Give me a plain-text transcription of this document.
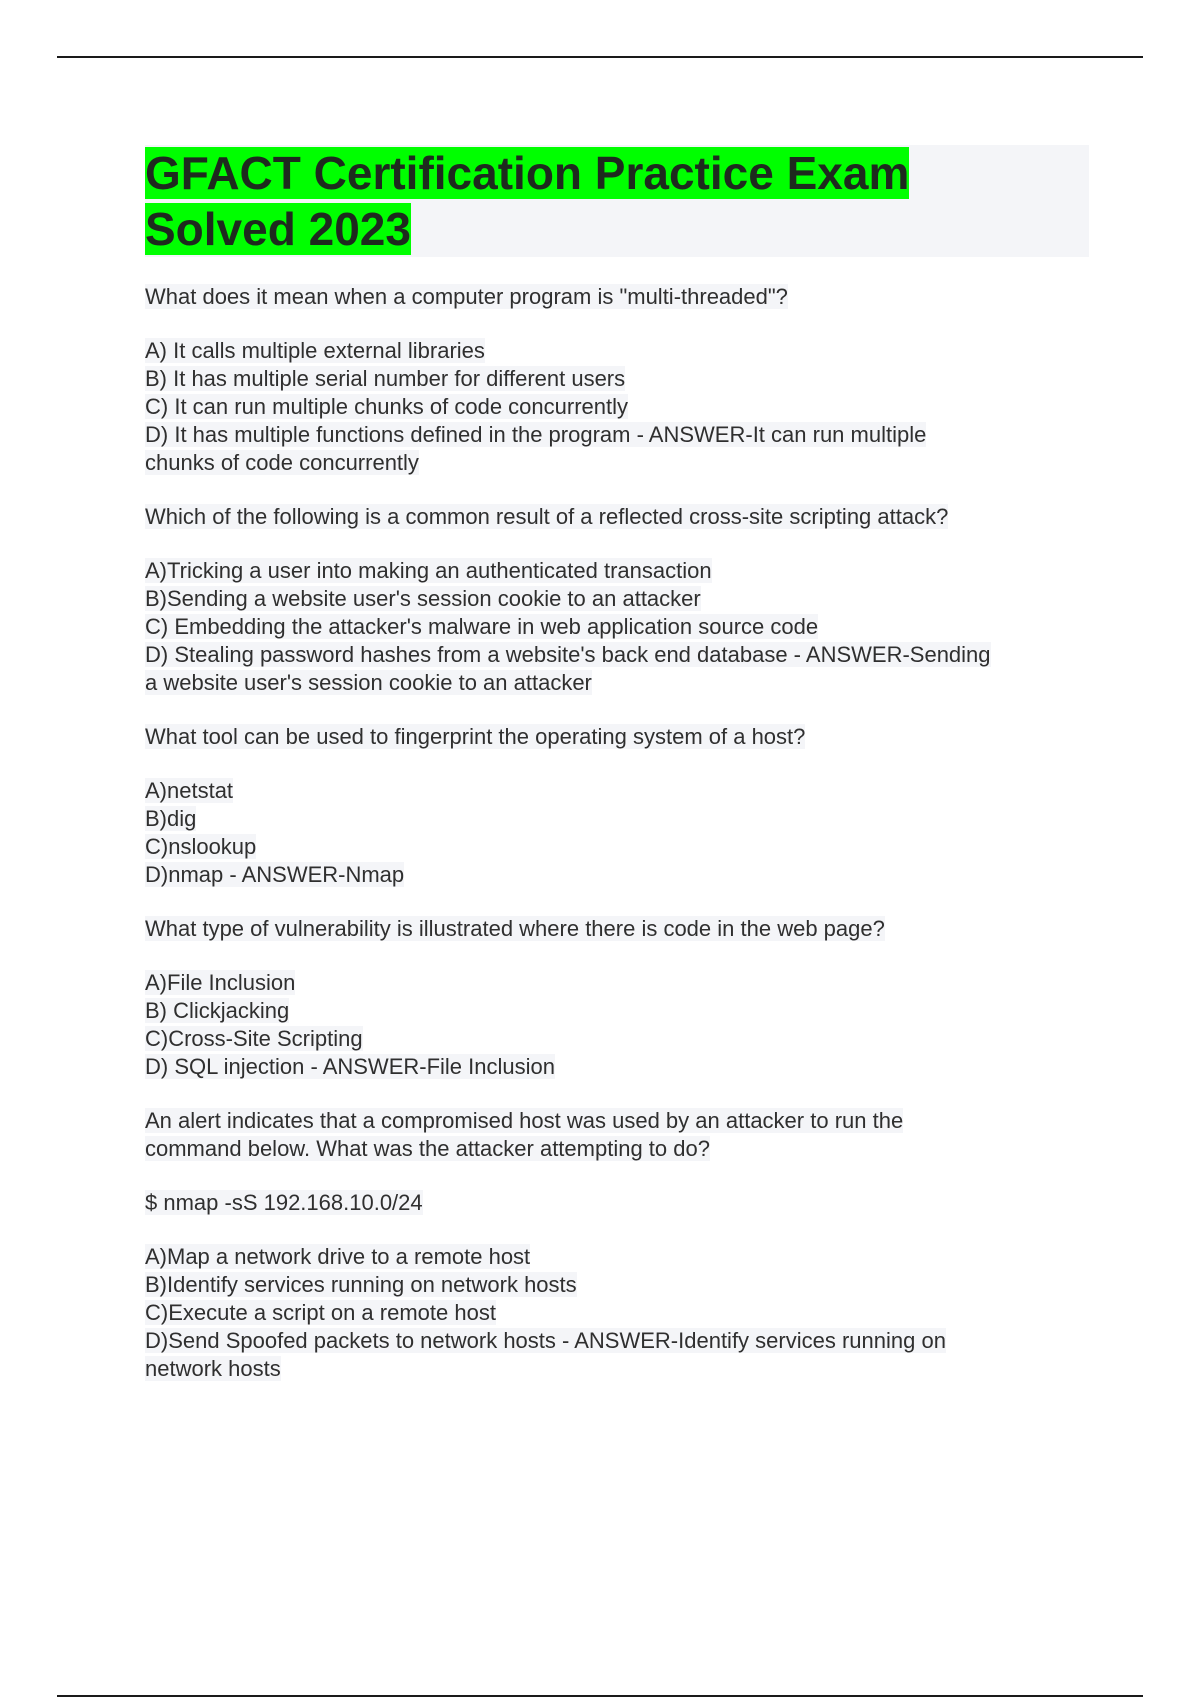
GFACT Certification Practice Exam
Solved 2023
What does it mean when a computer program is "multi-threaded"?
A) It calls multiple external libraries
B) It has multiple serial number for different users
C) It can run multiple chunks of code concurrently
D) It has multiple functions defined in the program - ANSWER-It can run multiple
chunks of code concurrently
Which of the following is a common result of a reflected cross-site scripting attack?
A)Tricking a user into making an authenticated transaction
B)Sending a website user's session cookie to an attacker
C) Embedding the attacker's malware in web application source code
D) Stealing password hashes from a website's back end database - ANSWER-Sending
a website user's session cookie to an attacker
What tool can be used to fingerprint the operating system of a host?
A)netstat
B)dig
C)nslookup
D)nmap - ANSWER-Nmap
What type of vulnerability is illustrated where there is code in the web page?
A)File Inclusion
B) Clickjacking
C)Cross-Site Scripting
D) SQL injection - ANSWER-File Inclusion
An alert indicates that a compromised host was used by an attacker to run the
command below. What was the attacker attempting to do?
$ nmap -sS 192.168.10.0/24
A)Map a network drive to a remote host
B)Identify services running on network hosts
C)Execute a script on a remote host
D)Send Spoofed packets to network hosts - ANSWER-Identify services running on
network hosts
